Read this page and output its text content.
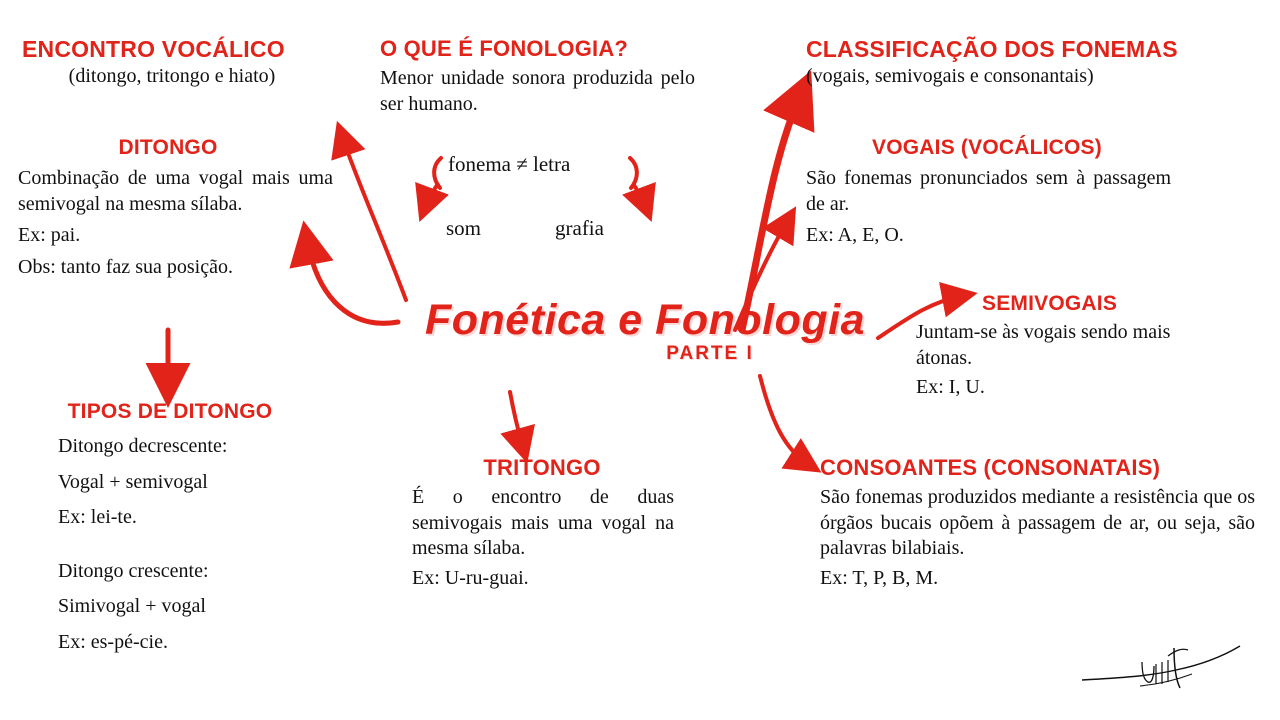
ENCONTRO VOCÁLICO
(ditongo, tritongo e hiato)
DITONGO
Combinação de uma vogal mais uma semivogal na mesma sílaba.
Ex: pai.
Obs: tanto faz sua posição.
TIPOS DE DITONGO
Ditongo decrescente:
Vogal + semivogal
Ex: lei-te.
Ditongo crescente:
Simivogal + vogal
Ex: es-pé-cie.
O QUE É FONOLOGIA?
Menor unidade sonora produzida pelo ser humano.
fonema ≠ letra
som	grafia
Fonética e Fonologia
PARTE I
TRITONGO
É o encontro de duas semivogais mais uma vogal na mesma sílaba.
Ex: U-ru-guai.
CLASSIFICAÇÃO DOS FONEMAS
(vogais, semivogais e consonantais)
VOGAIS (VOCÁLICOS)
São fonemas pronunciados sem à passagem de ar.
Ex: A, E, O.
SEMIVOGAIS
Juntam-se às vogais sendo mais átonas.
Ex: I, U.
CONSOANTES (CONSONATAIS)
São fonemas produzidos mediante a resistência que os órgãos bucais opõem à passagem de ar, ou seja, são palavras bilabiais.
Ex: T, P, B, M.
